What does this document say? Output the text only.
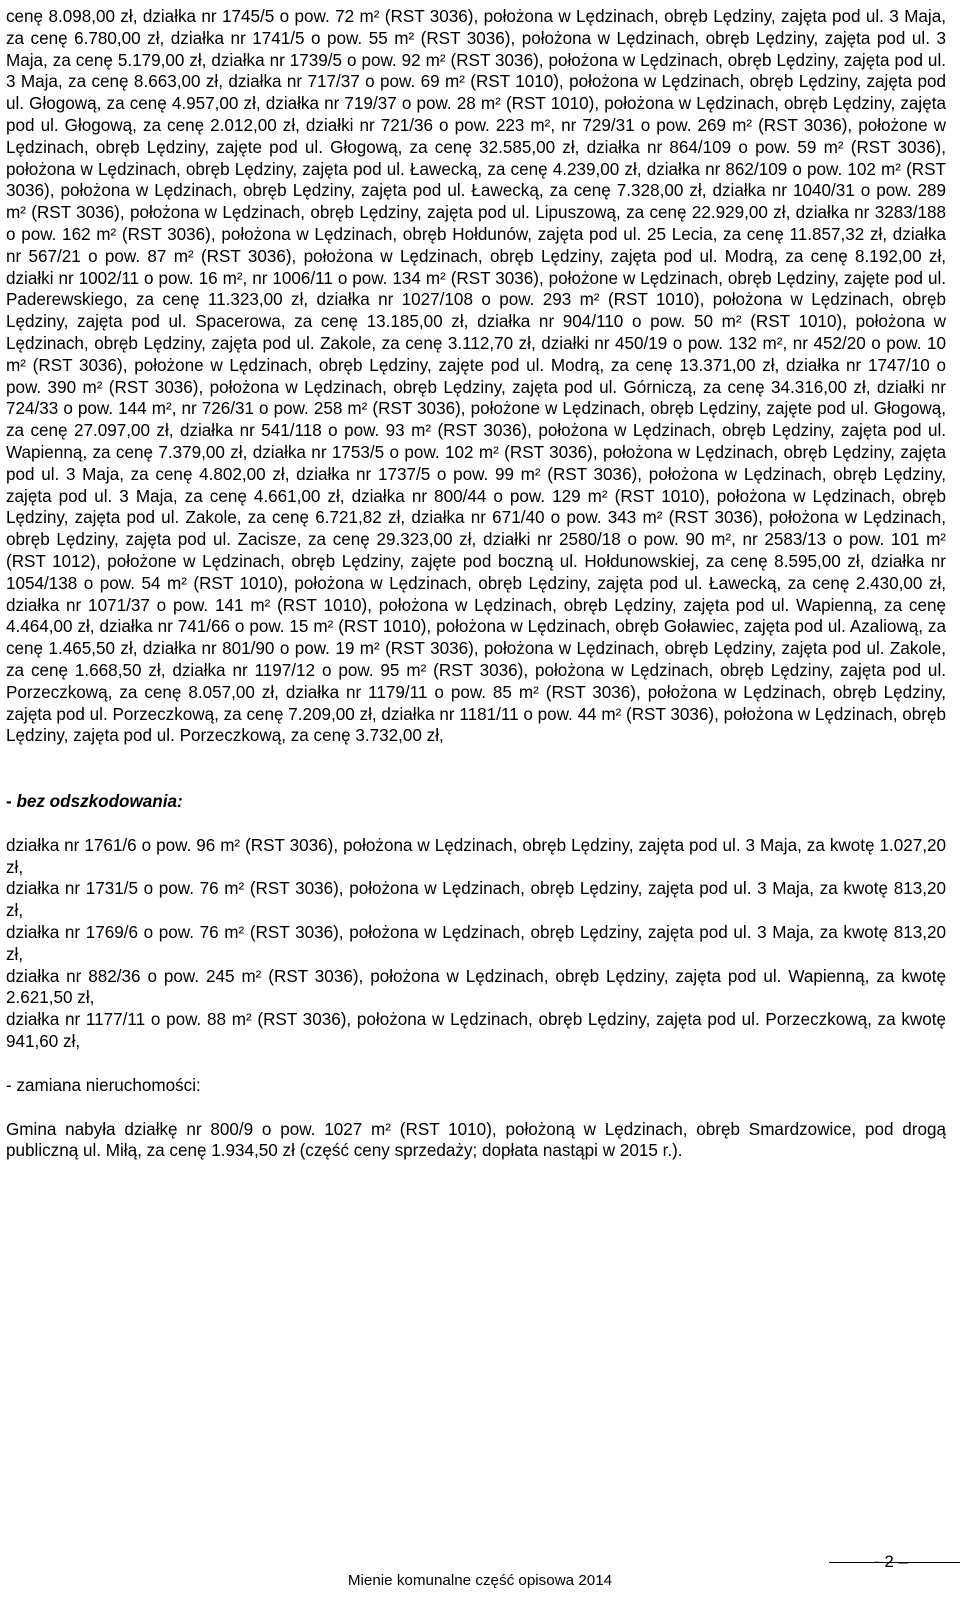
cenę 8.098,00 zł, działka nr 1745/5 o pow. 72 m² (RST 3036), położona w Lędzinach, obręb Lędziny, zajęta pod ul. 3 Maja, za cenę 6.780,00 zł, działka nr 1741/5 o pow. 55 m² (RST 3036), położona w Lędzinach, obręb Lędziny, zajęta pod ul. 3 Maja, za cenę 5.179,00 zł, działka nr 1739/5 o pow. 92 m² (RST 3036), położona w Lędzinach, obręb Lędziny, zajęta pod ul. 3 Maja, za cenę 8.663,00 zł, działka nr 717/37 o pow. 69 m² (RST 1010), położona w Lędzinach, obręb Lędziny, zajęta pod ul. Głogową, za cenę 4.957,00 zł, działka nr 719/37 o pow. 28 m² (RST 1010), położona w Lędzinach, obręb Lędziny, zajęta pod ul. Głogową, za cenę 2.012,00 zł, działki nr 721/36 o pow. 223 m², nr 729/31 o pow. 269 m² (RST 3036), położone w Lędzinach, obręb Lędziny, zajęte pod ul. Głogową, za cenę 32.585,00 zł, działka nr 864/109 o pow. 59 m² (RST 3036), położona w Lędzinach, obręb Lędziny, zajęta pod ul. Ławecką, za cenę 4.239,00 zł, działka nr 862/109 o pow. 102 m² (RST 3036), położona w Lędzinach, obręb Lędziny, zajęta pod ul. Ławecką, za cenę 7.328,00 zł, działka nr 1040/31 o pow. 289 m² (RST 3036), położona w Lędzinach, obręb Lędziny, zajęta pod ul. Lipuszową, za cenę 22.929,00 zł, działka nr 3283/188 o pow. 162 m² (RST 3036), położona w Lędzinach, obręb Hołdunów, zajęta pod ul. 25 Lecia, za cenę 11.857,32 zł, działka nr 567/21 o pow. 87 m² (RST 3036), położona w Lędzinach, obręb Lędziny, zajęta pod ul. Modrą, za cenę 8.192,00 zł, działki nr 1002/11 o pow. 16 m², nr 1006/11 o pow. 134 m² (RST 3036), położone w Lędzinach, obręb Lędziny, zajęte pod ul. Paderewskiego, za cenę 11.323,00 zł, działka nr 1027/108 o pow. 293 m² (RST 1010), położona w Lędzinach, obręb Lędziny, zajęta pod ul. Spacerowa, za cenę 13.185,00 zł, działka nr 904/110 o pow. 50 m² (RST 1010), położona w Lędzinach, obręb Lędziny, zajęta pod ul. Zakole, za cenę 3.112,70 zł, działki nr 450/19 o pow. 132 m², nr 452/20 o pow. 10 m² (RST 3036), położone w Lędzinach, obręb Lędziny, zajęte pod ul. Modrą, za cenę 13.371,00 zł, działka nr 1747/10 o pow. 390 m² (RST 3036), położona w Lędzinach, obręb Lędziny, zajęta pod ul. Górniczą, za cenę 34.316,00 zł, działki nr 724/33 o pow. 144 m², nr 726/31 o pow. 258 m² (RST 3036), położone w Lędzinach, obręb Lędziny, zajęte pod ul. Głogową, za cenę 27.097,00 zł, działka nr 541/118 o pow. 93 m² (RST 3036), położona w Lędzinach, obręb Lędziny, zajęta pod ul. Wapienną, za cenę 7.379,00 zł, działka nr 1753/5 o pow. 102 m² (RST 3036), położona w Lędzinach, obręb Lędziny, zajęta pod ul. 3 Maja, za cenę 4.802,00 zł, działka nr 1737/5 o pow. 99 m² (RST 3036), położona w Lędzinach, obręb Lędziny, zajęta pod ul. 3 Maja, za cenę 4.661,00 zł, działka nr 800/44 o pow. 129 m² (RST 1010), położona w Lędzinach, obręb Lędziny, zajęta pod ul. Zakole, za cenę 6.721,82 zł, działka nr 671/40 o pow. 343 m² (RST 3036), położona w Lędzinach, obręb Lędziny, zajęta pod ul. Zacisze, za cenę 29.323,00 zł, działki nr 2580/18 o pow. 90 m², nr 2583/13 o pow. 101 m² (RST 1012), położone w Lędzinach, obręb Lędziny, zajęte pod boczną ul. Hołdunowskiej, za cenę 8.595,00 zł, działka nr 1054/138 o pow. 54 m² (RST 1010), położona w Lędzinach, obręb Lędziny, zajęta pod ul. Ławecką, za cenę 2.430,00 zł, działka nr 1071/37 o pow. 141 m² (RST 1010), położona w Lędzinach, obręb Lędziny, zajęta pod ul. Wapienną, za cenę 4.464,00 zł, działka nr 741/66 o pow. 15 m² (RST 1010), położona w Lędzinach, obręb Goławiec, zajęta pod ul. Azaliową, za cenę 1.465,50 zł, działka nr 801/90 o pow. 19 m² (RST 3036), położona w Lędzinach, obręb Lędziny, zajęta pod ul. Zakole, za cenę 1.668,50 zł, działka nr 1197/12 o pow. 95 m² (RST 3036), położona w Lędzinach, obręb Lędziny, zajęta pod ul. Porzeczkową, za cenę 8.057,00 zł, działka nr 1179/11 o pow. 85 m² (RST 3036), położona w Lędzinach, obręb Lędziny, zajęta pod ul. Porzeczkową, za cenę 7.209,00 zł, działka nr 1181/11 o pow. 44 m² (RST 3036), położona w Lędzinach, obręb Lędziny, zajęta pod ul. Porzeczkową, za cenę 3.732,00 zł,

- bez odszkodowania:

działka nr 1761/6 o pow. 96 m² (RST 3036), położona w Lędzinach, obręb Lędziny, zajęta pod ul. 3 Maja, za kwotę 1.027,20 zł,

działka nr 1731/5 o pow. 76 m² (RST 3036), położona w Lędzinach, obręb Lędziny, zajęta pod ul. 3 Maja, za kwotę 813,20 zł,

działka nr 1769/6 o pow. 76 m² (RST 3036), położona w Lędzinach, obręb Lędziny, zajęta pod ul. 3 Maja, za kwotę 813,20 zł,

działka nr 882/36 o pow. 245 m² (RST 3036), położona w Lędzinach, obręb Lędziny, zajęta pod ul. Wapienną, za kwotę 2.621,50 zł,

działka nr 1177/11 o pow. 88 m² (RST 3036), położona w Lędzinach, obręb Lędziny, zajęta pod ul. Porzeczkową, za kwotę 941,60 zł,

- zamiana nieruchomości:

Gmina nabyła działkę nr 800/9 o pow. 1027 m² (RST 1010), położoną w Lędzinach, obręb Smardzowice, pod drogą publiczną ul. Miłą, za cenę 1.934,50 zł (część ceny sprzedaży; dopłata nastąpi w 2015 r.).

- 2 –
Mienie komunalne część opisowa 2014
